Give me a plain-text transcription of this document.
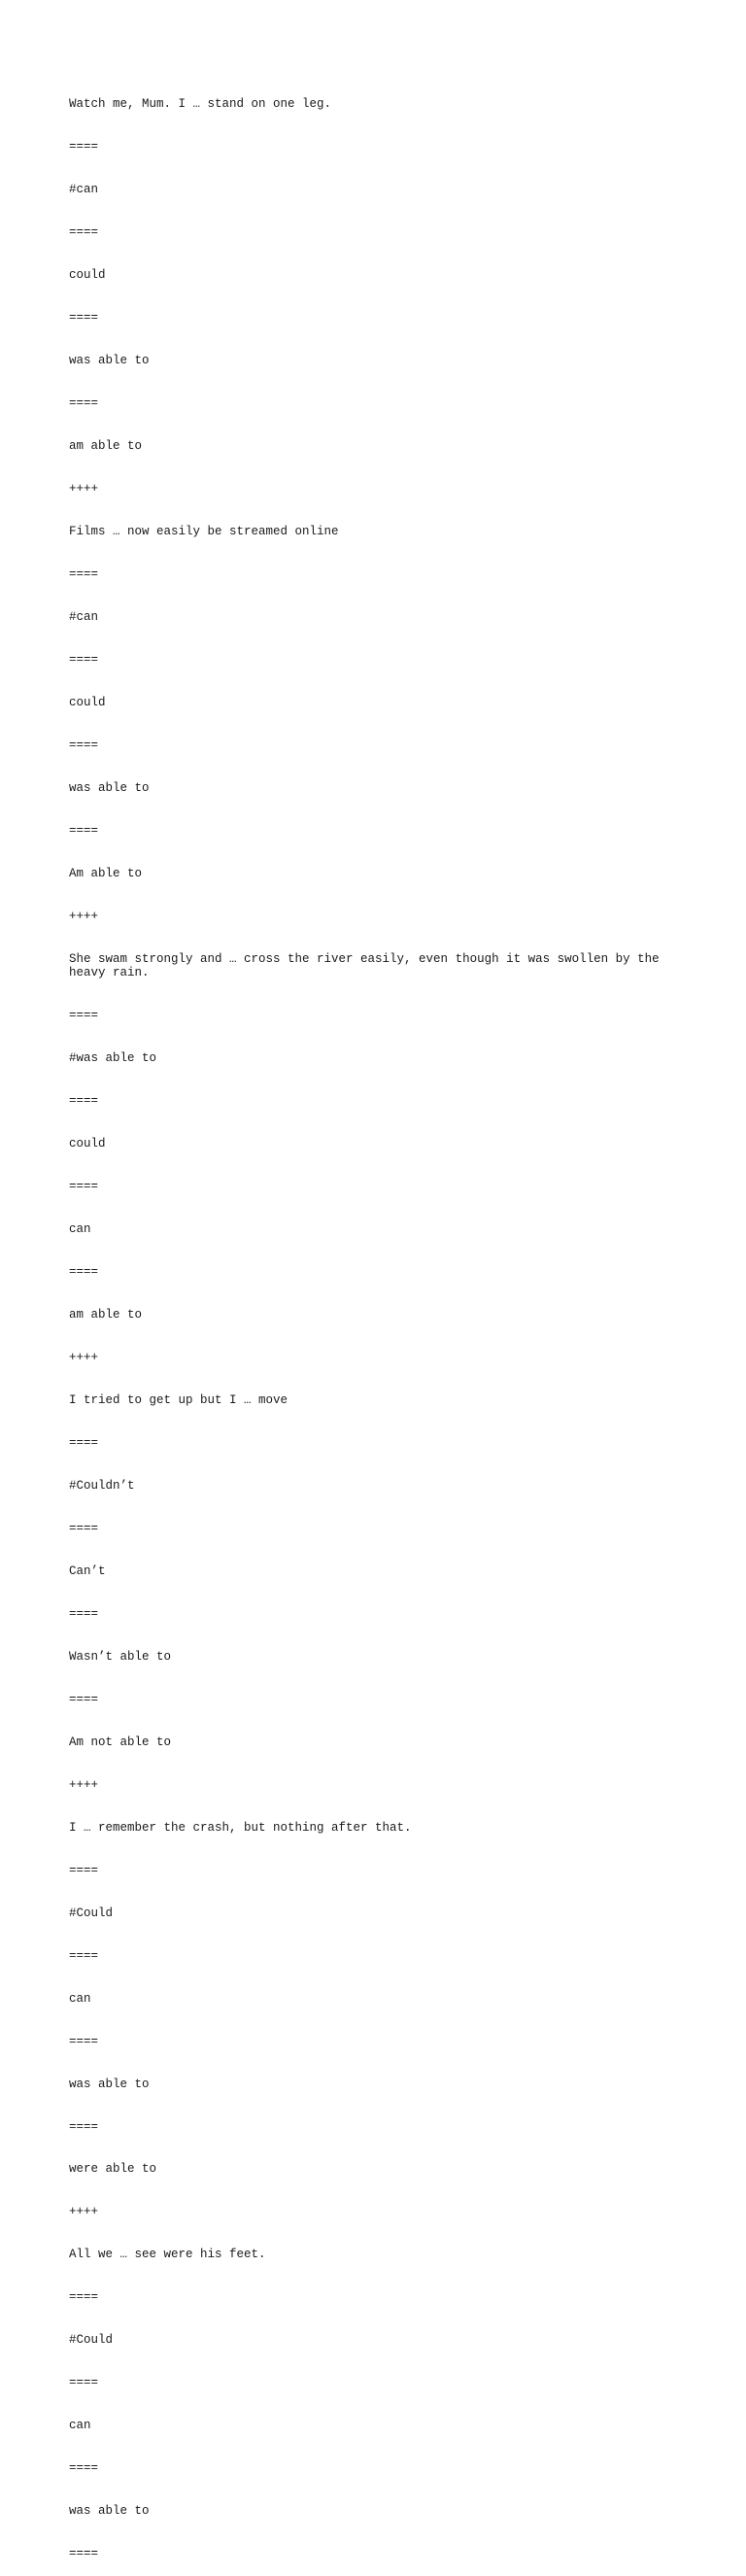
Watch me, Mum. I … stand on one leg.

====

#can

====

could

====

was able to

====

am able to

++++

Films … now easily be streamed online

====

#can

====

could

====

was able to

====

Am able to

++++

She swam strongly and … cross the river easily, even though it was swollen by the heavy rain.

====

#was able to

====

could

====

can

====

am able to

++++

I tried to get up but I … move

====

#Couldn’t

====

Can’t

====

Wasn’t able to

====

Am not able to

++++

I … remember the crash, but nothing after that.

====

#Could

====

can

====

was able to

====

were able to

++++

All we … see were his feet.

====

#Could

====

can

====

was able to

====
